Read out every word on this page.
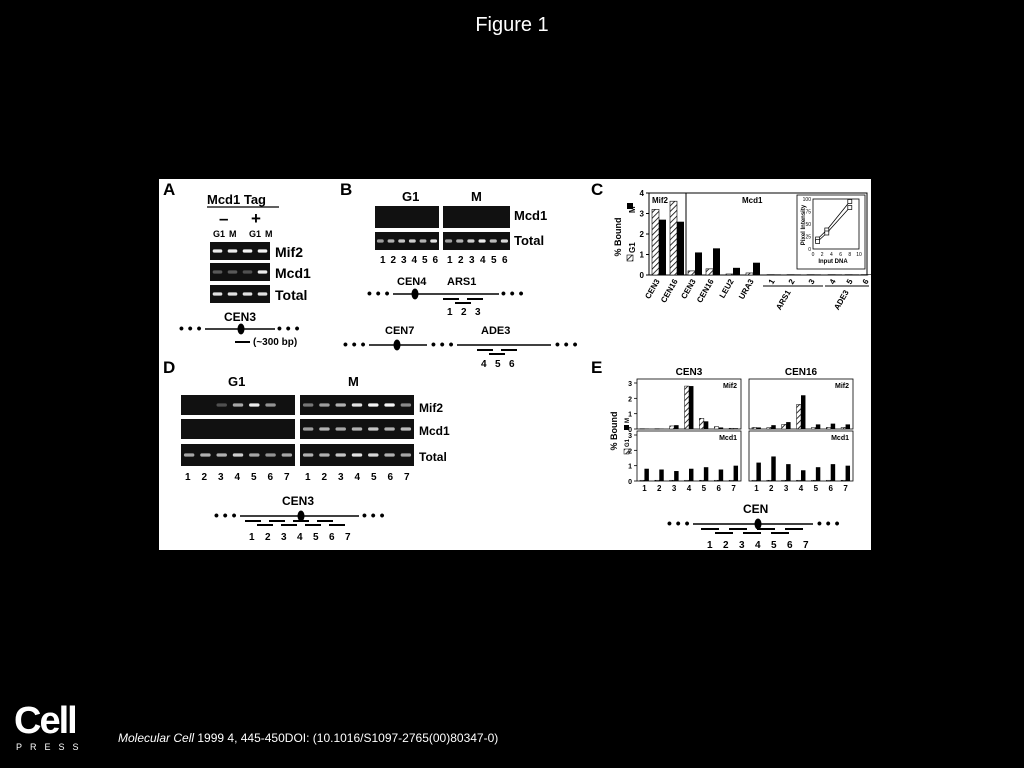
Figure 1
A
Mcd1 Tag
– +
G1 M G1 M
Mif2
Mcd1
Total
CEN3
• • •	• • •
(~300 bp)
B	G1	M
Mcd1
Total
1 2 3 4 5 6 1 2 3 4 5 6
CEN4 ARS1
• • •	• • •
1 2 3
CEN7	ADE3
• • •	• • •	• • •
4 5 6
C
Mif2	Mcd1
4
3
2
1
0
% Bound
M
G1
CEN3
CEN16 CEN3
CEN16 LEU2 URA3 1 2 3 4 5 6
ARS1	ADE3
100
75
50
25
0
0 2 4 6 8 10
Input DNA
Pixel Intensity
D
G1	M
Mif2
Mcd1
Total
1 2 3 4 5 6 7 1 2 3 4 5 6 7
CEN3
• • •	• • •
1 2 3 4 5 6 7
E
% Bound G1
M
CEN3
Mif2
3
2
1
0
Mcd1
3
2
1
0
1 2 3 4 5 6 7
CEN16
Mif2
Mcd1
1 2 3 4 5 6 7
CEN
• • •	• • •
1 2 3 4 5 6 7
Cell
PRESS
Molecular Cell 1999 4, 445-450DOI: (10.1016/S1097-2765(00)80347-0)
